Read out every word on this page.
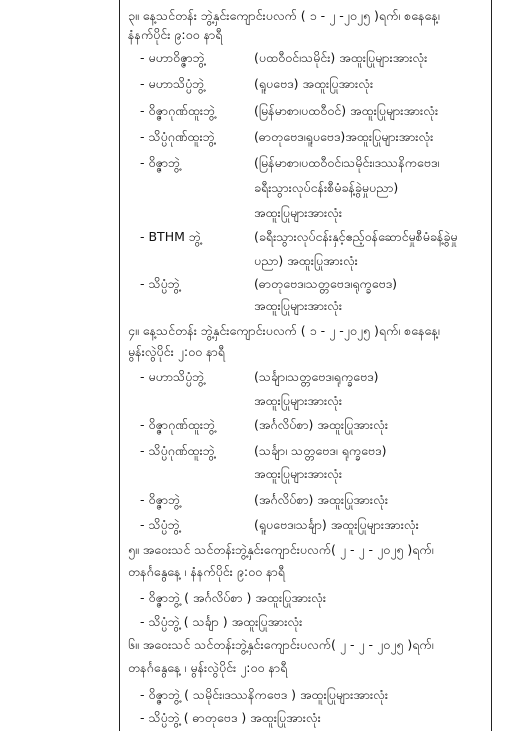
၃။ နေ့သင်တန်း ဘွဲ့နှင်းကျောင်းပလက် ( ၁ - ၂ -၂၀၂၅ )ရက်၊ စနေနေ့၊
နံနက်ပိုင်း ၉:၀၀ နာရီ
- မဟာဝိဇ္ဇာဘွဲ့	(ပထဝီဝင်၊သမိုင်း) အထူးပြုများအားလုံး
- မဟာသိပ္ပံဘွဲ့	(ရူပဗေဒ) အထူးပြုအားလုံး
- ဝိဇ္ဇာဂုဏ်ထူးဘွဲ့	(မြန်မာစာ၊ပထဝီဝင်) အထူးပြုများအားလုံး
- သိပ္ပံဂုဏ်ထူးဘွဲ့	(ဓာတုဗေဒ၊ရူပဗေဒ)အထူးပြုများအားလုံး
- ဝိဇ္ဇာဘွဲ့	(မြန်မာစာ၊ပထဝီဝင်၊သမိုင်း၊ဒဿနိကဗေဒ၊
ခရီးသွားလုပ်ငန်းစီမံခန့်ခွဲမှုပညာ)
အထူးပြုများအားလုံး
- BTHM ဘွဲ့	(ခရီးသွားလုပ်ငန်းနှင့်ဧည့်ဝန်ဆောင်မှုစီမံခန့်ခွဲမှု
ပညာ) အထူးပြုအားလုံး
- သိပ္ပံဘွဲ့	(ဓာတုဗေဒ၊သတ္တဗေဒ၊ရုက္ခဗေဒ)
အထူးပြုများအားလုံး
၄။ နေ့သင်တန်း ဘွဲ့နှင်းကျောင်းပလက် ( ၁ - ၂ -၂၀၂၅ )ရက်၊ စနေနေ့၊
မွန်းလွဲပိုင်း ၂:၀၀ နာရီ
- မဟာသိပ္ပံဘွဲ့	(သင်္ချာ၊သတ္တဗေဒ၊ရုက္ခဗေဒ)
အထူးပြုများအားလုံး
- ဝိဇ္ဇာဂုဏ်ထူးဘွဲ့	(အင်္ဂလိပ်စာ) အထူးပြုအားလုံး
- သိပ္ပံဂုဏ်ထူးဘွဲ့	(သင်္ချာ၊ သတ္တဗေဒ၊ ရုက္ခဗေဒ)
အထူးပြုများအားလုံး
- ဝိဇ္ဇာဘွဲ့	(အင်္ဂလိပ်စာ) အထူးပြုအားလုံး
- သိပ္ပံဘွဲ့	(ရူပဗေဒ၊သင်္ချာ) အထူးပြုများအားလုံး
၅။ အဝေးသင် သင်တန်းဘွဲ့နှင်းကျောင်းပလက်( ၂ - ၂ - ၂၀၂၅ )ရက်၊
တနင်္ဂနွေနေ့ ၊ နံနက်ပိုင်း ၉:၀၀ နာရီ
- ဝိဇ္ဇာဘွဲ့ ( အင်္ဂလိပ်စာ ) အထူးပြုအားလုံး
- သိပ္ပံဘွဲ့ ( သင်္ချာ ) အထူးပြုအားလုံး
၆။ အဝေးသင် သင်တန်းဘွဲ့နှင်းကျောင်းပလက်( ၂ - ၂ - ၂၀၂၅ )ရက်၊
တနင်္ဂနွေနေ့ ၊ မွန်းလွဲပိုင်း ၂:၀၀ နာရီ
- ဝိဇ္ဇာဘွဲ့ ( သမိုင်း၊ဒဿနိကဗေဒ ) အထူးပြုများအားလုံး
- သိပ္ပံဘွဲ့ ( ဓာတုဗေဒ ) အထူးပြုအားလုံး
